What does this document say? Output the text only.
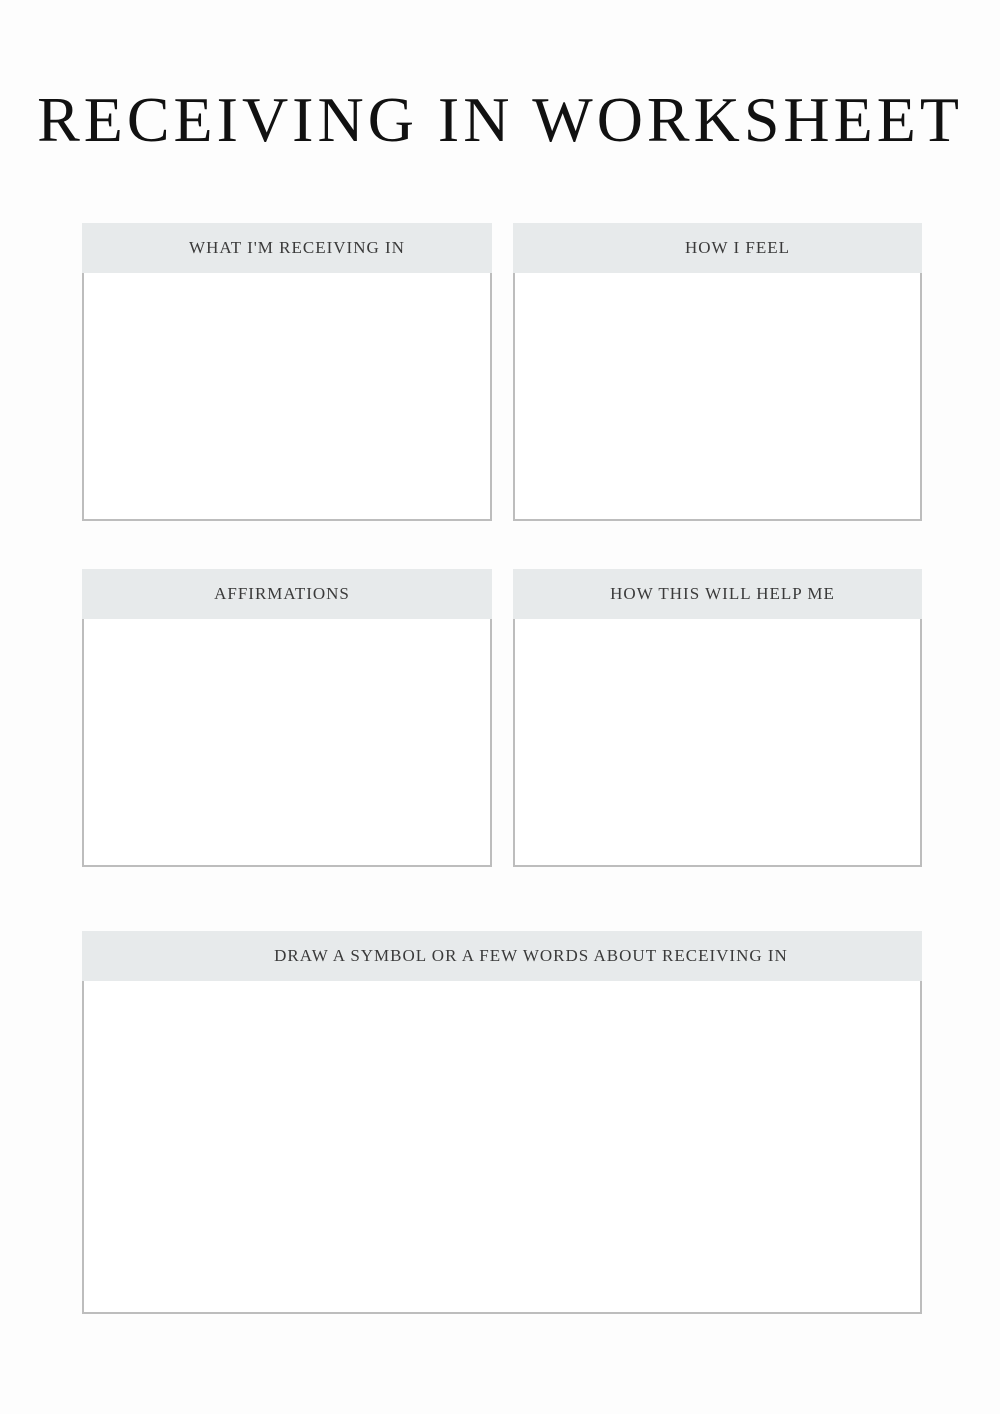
RECEIVING IN WORKSHEET
WHAT I'M RECEIVING IN	HOW I FEEL
AFFIRMATIONS	HOW THIS WILL HELP ME
DRAW A SYMBOL OR A FEW WORDS ABOUT RECEIVING IN
